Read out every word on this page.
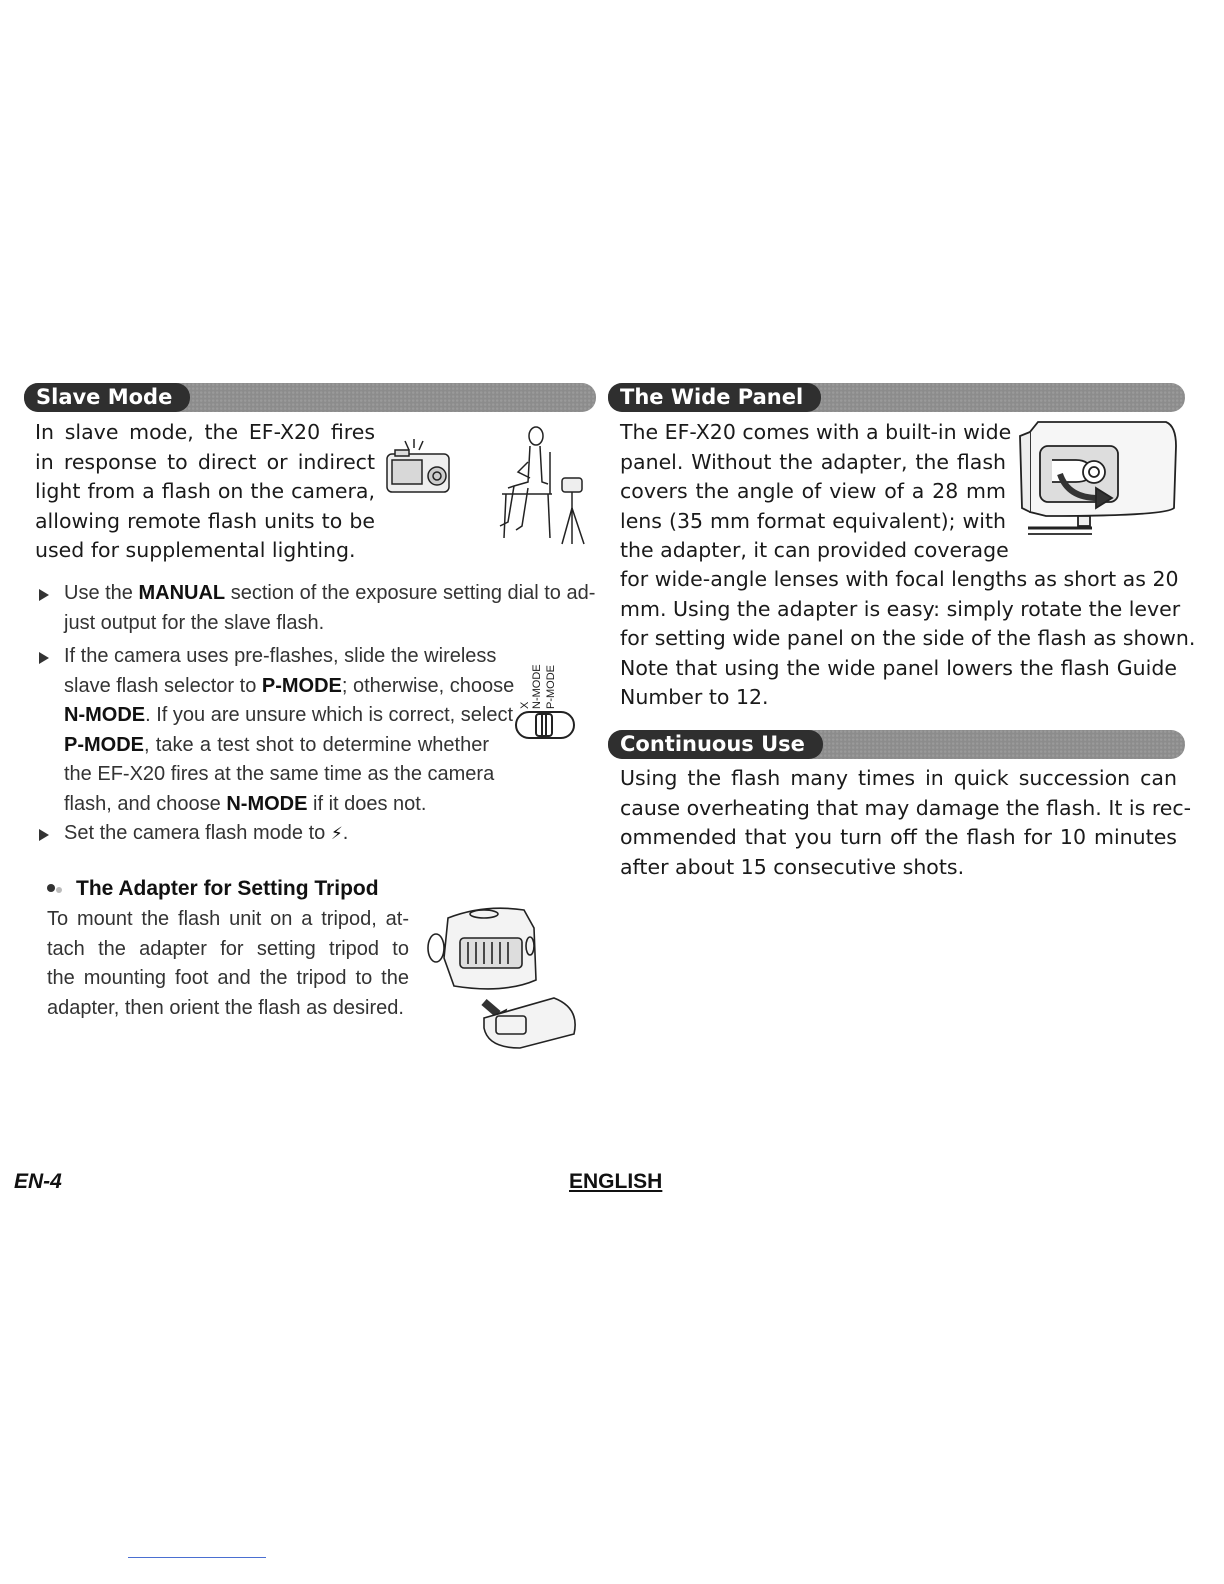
Slave Mode
In slave mode, the EF-X20 fires
in response to direct or indirect
light from a flash on the camera,
allowing remote flash units to be
used for supplemental lighting.
Use the MANUAL section of the exposure setting dial to ad-
just output for the slave flash.
If the camera uses pre-flashes, slide the wireless
slave flash selector to P-MODE; otherwise, choose
N-MODE. If you are unsure which is correct, select
P-MODE, take a test shot to determine whether
the EF-X20 fires at the same time as the camera
flash, and choose N-MODE if it does not.
X N-MODE P-MODE
Set the camera flash mode to ⚡.
The Adapter for Setting Tripod
To mount the flash unit on a tripod, at-
tach the adapter for setting tripod to
the mounting foot and the tripod to the
adapter, then orient the flash as desired.
The Wide Panel
The EF-X20 comes with a built-in wide
panel. Without the adapter, the flash
covers the angle of view of a 28 mm
lens (35 mm format equivalent); with
the adapter, it can provided coverage
for wide-angle lenses with focal lengths as short as 20
mm. Using the adapter is easy: simply rotate the lever
for setting wide panel on the side of the flash as shown.
Note that using the wide panel lowers the flash Guide
Number to 12.
Continuous Use
Using the flash many times in quick succession can
cause overheating that may damage the flash. It is rec-
ommended that you turn off the flash for 10 minutes
after about 15 consecutive shots.
EN-4	ENGLISH
